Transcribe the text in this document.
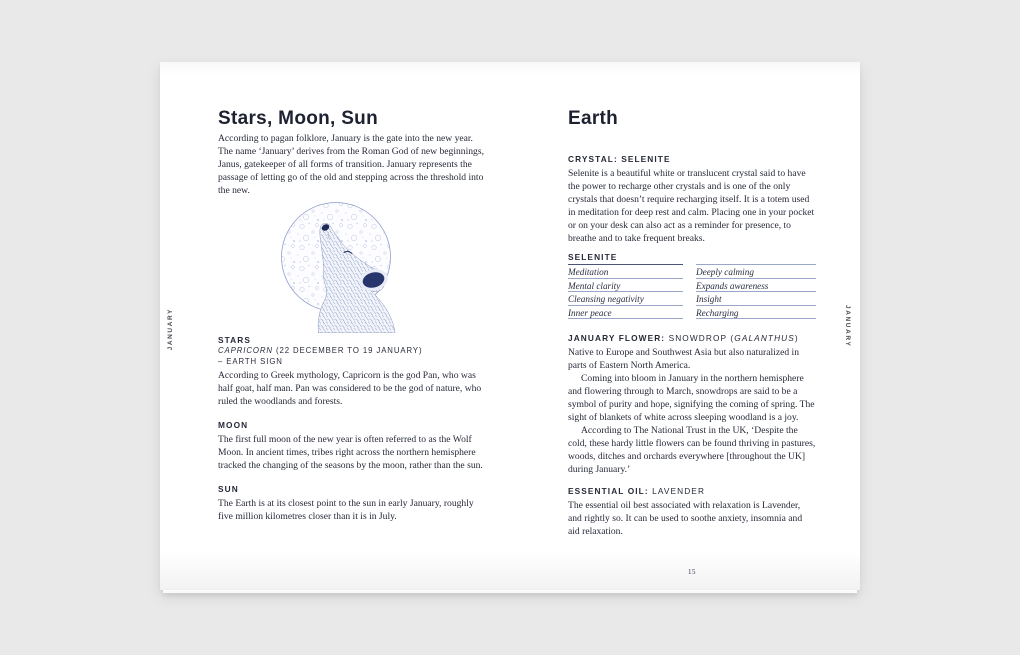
JANUARY	JANUARY
Stars, Moon, Sun

According to pagan folklore, January is the gate into the new year. The name ‘January’ derives from the Roman God of new beginnings, Janus, gatekeeper of all forms of transition. January represents the passage of letting go of the old and stepping across the threshold into the new.

STARS
CAPRICORN (22 DECEMBER TO 19 JANUARY)
– EARTH SIGN

According to Greek mythology, Capricorn is the god Pan, who was half goat, half man. Pan was considered to be the god of nature, who ruled the woodlands and forests.

MOON

The first full moon of the new year is often referred to as the Wolf Moon. In ancient times, tribes right across the northern hemisphere tracked the changing of the seasons by the moon, rather than the sun.

SUN

The Earth is at its closest point to the sun in early January, roughly five million kilometres closer than it is in July.

Earth
CRYSTAL: SELENITE

Selenite is a beautiful white or translucent crystal said to have the power to recharge other crystals and is one of the only crystals that doesn’t require recharging itself. It is a totem used in meditation for deep rest and calm. Placing one in your pocket or on your desk can also act as a reminder for presence, to breathe and to take frequent breaks.

SELENITE
Meditation
Mental clarity
Cleansing negativity
Inner peace
Deeply calming
Expands awareness
Insight
Recharging
JANUARY FLOWER: SNOWDROP (GALANTHUS)

Native to Europe and Southwest Asia but also naturalized in parts of Eastern North America.

Coming into bloom in January in the northern hemisphere and flowering through to March, snowdrops are said to be a symbol of purity and hope, signifying the coming of spring. The sight of blankets of white across sleeping woodland is a joy.

According to The National Trust in the UK, ‘Despite the cold, these hardy little flowers can be found thriving in pastures, woods, ditches and orchards everywhere [throughout the UK] during January.’

ESSENTIAL OIL: LAVENDER

The essential oil best associated with relaxation is Lavender, and rightly so. It can be used to soothe anxiety, insomnia and aid relaxation.

15
